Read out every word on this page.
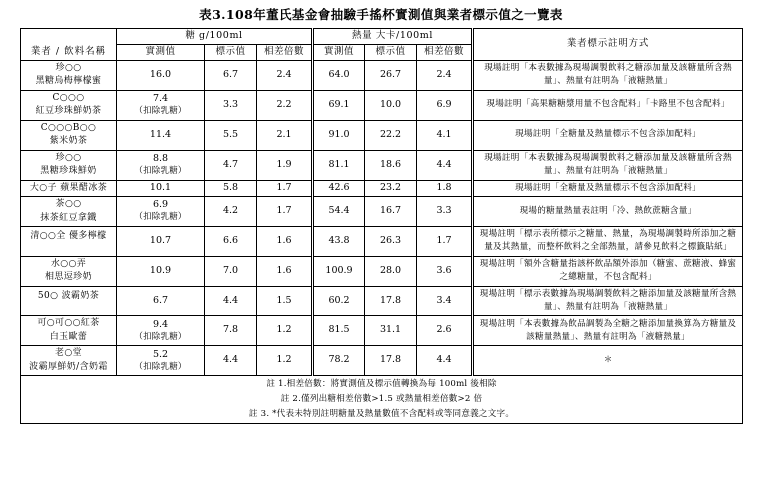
表3.108年董氏基金會抽驗手搖杯實測值與業者標示值之一覽表
	糖 g/100ml			熱量 大卡/100ml			業者標示註明方式
業者 / 飲料名稱	實測值	標示值	相差倍數	實測值	標示值	相差倍數	
珍○○
黑糖烏梅檸檬蜜	16.0	6.7	2.4	64.0	26.7	2.4	現場註明「本表數據為現場調製飲料之糖添加量及該糖量所含熱量」、熱量有註明為「液糖熱量」
C○○○
紅豆珍珠鮮奶茶	7.4
（扣除乳糖）	3.3	2.2	69.1	10.0	6.9	現場註明「高果糖糖漿用量不包含配料」「卡路里不包含配料」
C○○○B○○
紫米奶茶	11.4	5.5	2.1	91.0	22.2	4.1	現場註明「全糖量及熱量標示不包含添加配料」
珍○○
黑糖珍珠鮮奶	8.8
（扣除乳糖）	4.7	1.9	81.1	18.6	4.4	現場註明「本表數據為現場調製飲料之糖添加量及該糖量所含熱量」、熱量有註明為「液糖熱量」
大○子 蘋果醋冰茶	10.1	5.8	1.7	42.6	23.2	1.8	現場註明「全糖量及熱量標示不包含添加配料」
茶○○
抹茶紅豆拿鐵	6.9
（扣除乳糖）	4.2	1.7	54.4	16.7	3.3	現場的糖量熱量表註明「冷、熱飲蔗糖含量」
清○○全 優多檸檬	10.7	6.6	1.6	43.8	26.3	1.7	現場註明「標示表所標示之糖量、熱量，為現場調製時所添加之糖量及其熱量，而整杯飲料之全部熱量，請參見飲料之標籤貼紙」
水○○弄
相思逗珍奶	10.9	7.0	1.6	100.9	28.0	3.6	現場註明「額外含糖量指該杯飲品額外添加（糖蜜、蔗糖液、蜂蜜之總糖量，不包含配料」
50○ 波霸奶茶	6.7	4.4	1.5	60.2	17.8	3.4	現場註明「標示表數據為現場調製飲料之糖添加量及該糖量所含熱量」、熱量有註明為「液糖熱量」
可○可○○紅茶
白玉歐蕾	9.4
（扣除乳糖）	7.8	1.2	81.5	31.1	2.6	現場註明「本表數據為飲品調製為全糖之糖添加量換算為方糖量及該糖量熱量」、熱量有註明為「液糖熱量」
老○堂
波霸厚鮮奶/含奶霜	5.2
（扣除乳糖）	4.4	1.2	78.2	17.8	4.4	＊

註 1.相差倍數：將實測值及標示值轉換為每 100ml 後相除
註 2.僅列出糖相差倍數>1.5 或熱量相差倍數>2 倍
註 3. *代表未特別註明糖量及熱量數值不含配料或等同意義之文字。							
